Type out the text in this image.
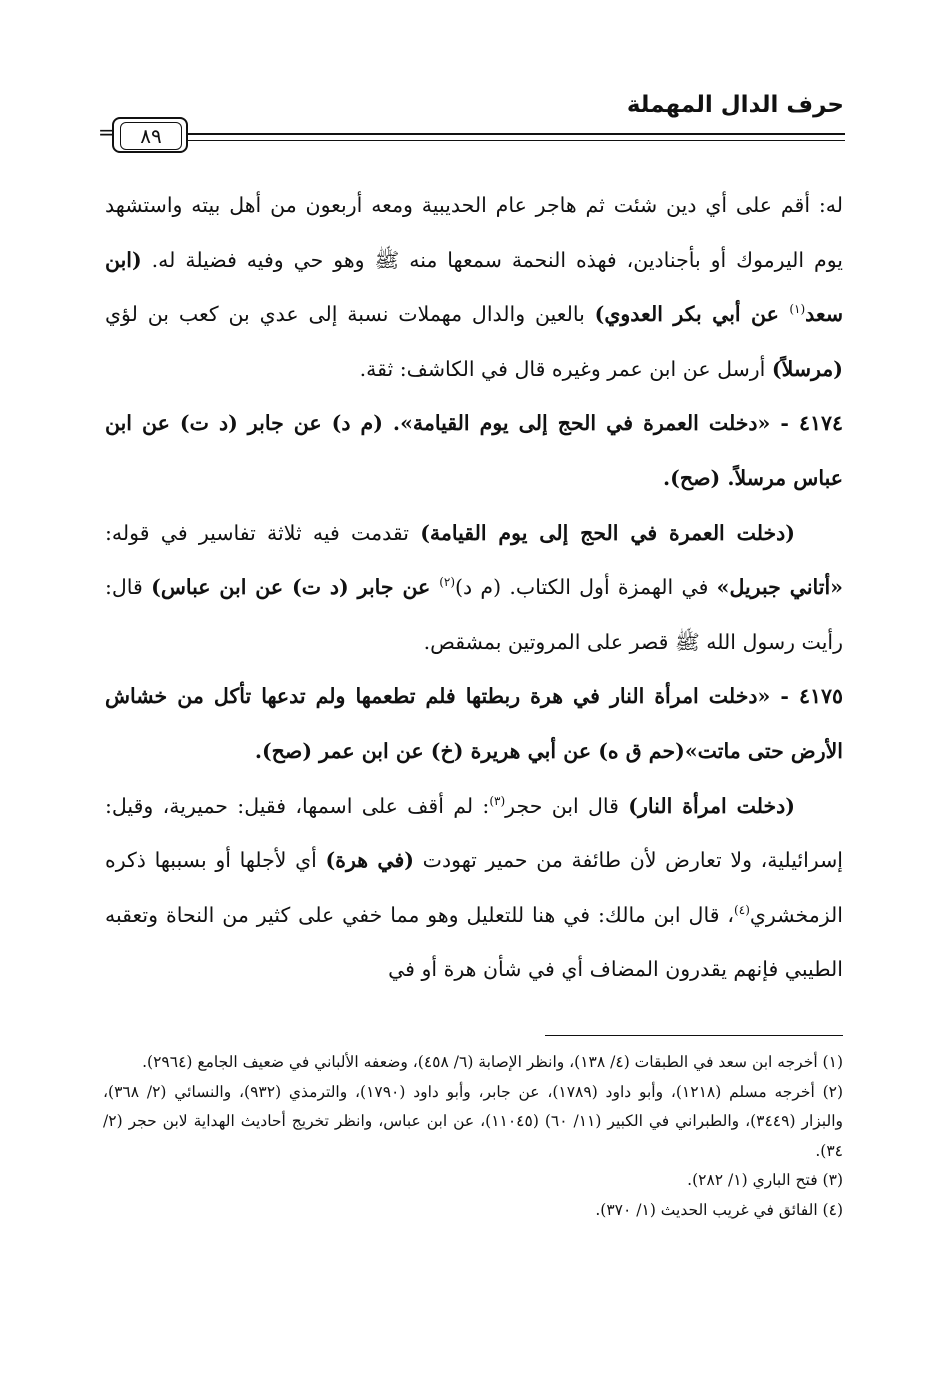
حرف الدال المهملة
=	٨٩

له: أقم على أي دين شئت ثم هاجر عام الحديبية ومعه أربعون من أهل بيته واستشهد يوم اليرموك أو بأجنادين، فهذه النحمة سمعها منه ﷺ وهو حي وفيه فضيلة له. (ابن سعد$^{(١)}$ عن أبي بكر العدوي) بالعين والدال مهملات نسبة إلى عدي بن كعب بن لؤي (مرسلاً) أرسل عن ابن عمر وغيره قال في الكاشف: ثقة.

٤١٧٤ - «دخلت العمرة في الحج إلى يوم القيامة». (م د) عن جابر (د ت) عن ابن عباس مرسلاً. (صح).

(دخلت العمرة في الحج إلى يوم القيامة) تقدمت فيه ثلاثة تفاسير في قوله: «أتاني جبريل» في الهمزة أول الكتاب. (م د)$^{(٢)}$ عن جابر (د ت) عن ابن عباس) قال: رأيت رسول الله ﷺ قصر على المروتين بمشقص.

٤١٧٥ - «دخلت امرأة النار في هرة ربطتها فلم تطعمها ولم تدعها تأكل من خشاش الأرض حتى ماتت»(حم ق ه) عن أبي هريرة (خ) عن ابن عمر (صح).

(دخلت امرأة النار) قال ابن حجر$^{(٣)}$: لم أقف على اسمها، فقيل: حميرية، وقيل: إسرائيلية، ولا تعارض لأن طائفة من حمير تهودت (في هرة) أي لأجلها أو بسببها ذكره الزمخشري$^{(٤)}$، قال ابن مالك: في هنا للتعليل وهو مما خفي على كثير من النحاة وتعقبه الطيبي فإنهم يقدرون المضاف أي في شأن هرة أو في

(١) أخرجه ابن سعد في الطبقات (٤/ ١٣٨)، وانظر الإصابة (٦/ ٤٥٨)، وضعفه الألباني في ضعيف الجامع (٢٩٦٤).

(٢) أخرجه مسلم (١٢١٨)، وأبو داود (١٧٨٩)، عن جابر، وأبو داود (١٧٩٠)، والترمذي (٩٣٢)، والنسائي (٢/ ٣٦٨)، والبزار (٣٤٤٩)، والطبراني في الكبير (١١/ ٦٠) (١١٠٤٥)، عن ابن عباس، وانظر تخريج أحاديث الهداية لابن حجر (٢/ ٣٤).

(٣) فتح الباري (١/ ٢٨٢).

(٤) الفائق في غريب الحديث (١/ ٣٧٠).
